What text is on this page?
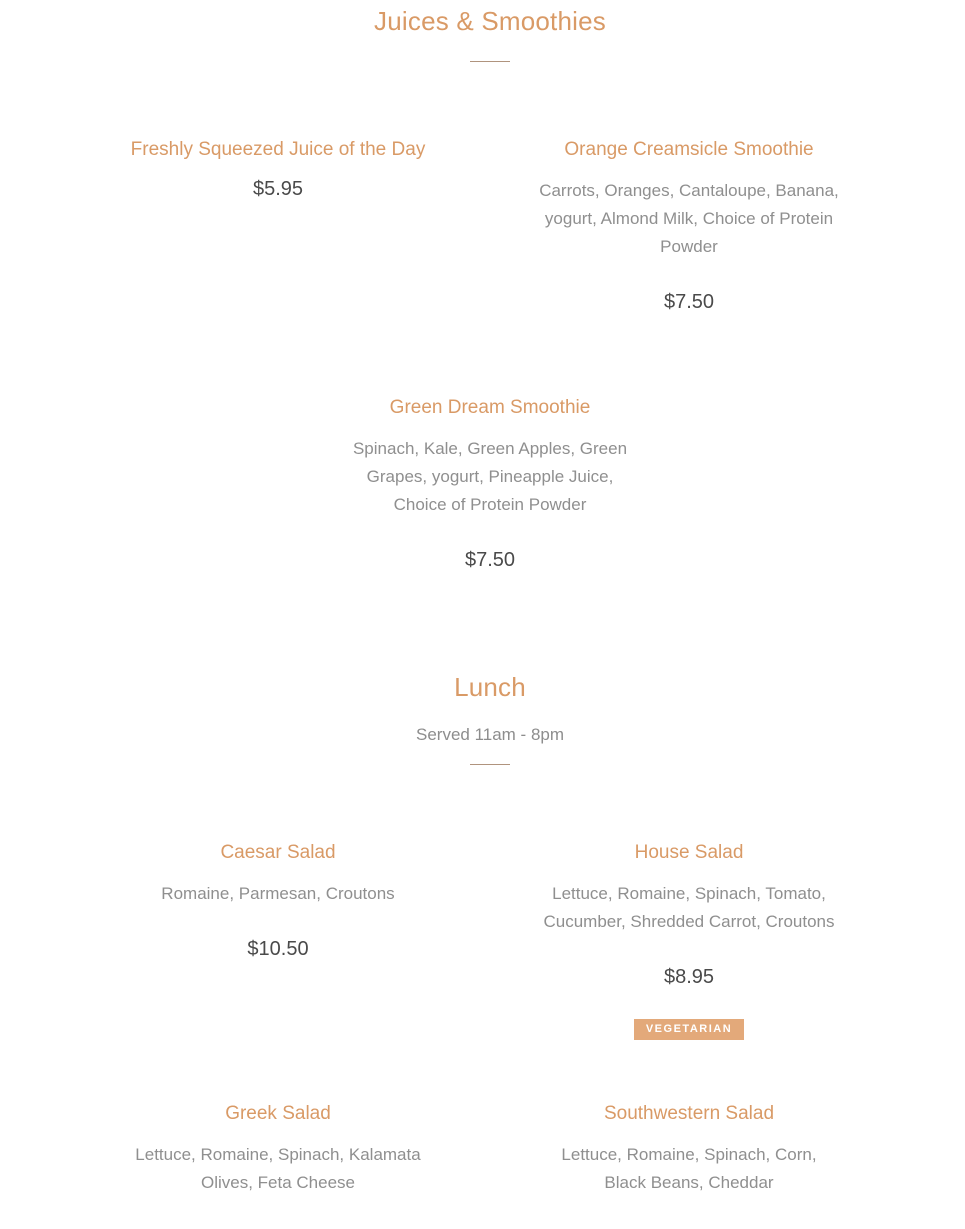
Juices & Smoothies
Freshly Squeezed Juice of the Day
$5.95
Orange Creamsicle Smoothie
Carrots, Oranges, Cantaloupe, Banana, yogurt, Almond Milk, Choice of Protein Powder
$7.50
Green Dream Smoothie
Spinach, Kale, Green Apples, Green Grapes, yogurt, Pineapple Juice, Choice of Protein Powder
$7.50
Lunch
Served 11am - 8pm
Caesar Salad
Romaine, Parmesan, Croutons
$10.50
House Salad
Lettuce, Romaine, Spinach, Tomato, Cucumber, Shredded Carrot, Croutons
$8.95
VEGETARIAN
Greek Salad
Lettuce, Romaine, Spinach, Kalamata Olives, Feta Cheese
Southwestern Salad
Lettuce, Romaine, Spinach, Corn, Black Beans, Cheddar
